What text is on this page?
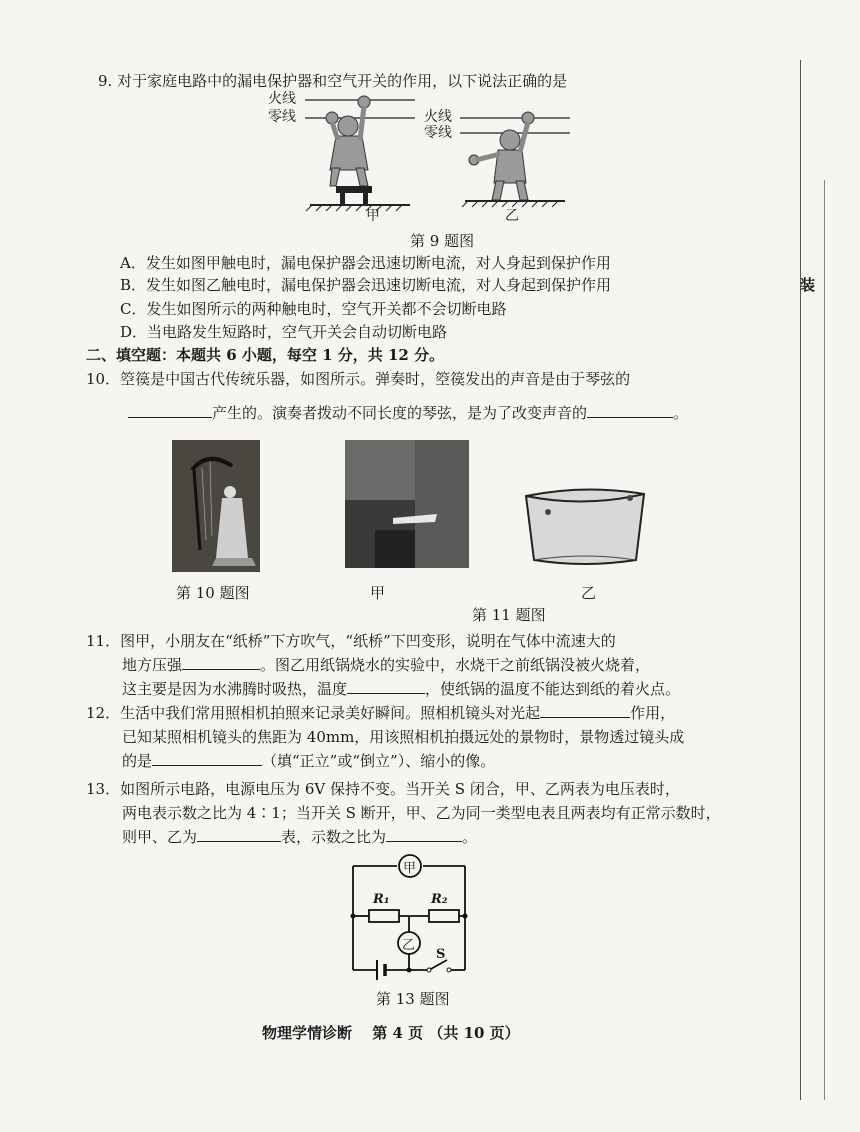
装
9. 对于家庭电路中的漏电保护器和空气开关的作用，以下说法正确的是
火线
零线	火线
零线
甲	乙
第 9 题图
A．发生如图甲触电时，漏电保护器会迅速切断电流，对人身起到保护作用
B．发生如图乙触电时，漏电保护器会迅速切断电流，对人身起到保护作用
C．发生如图所示的两种触电时，空气开关都不会切断电路
D．当电路发生短路时，空气开关会自动切断电路
二、填空题：本题共 6 小题，每空 1 分，共 12 分。
10．箜篌是中国古代传统乐器，如图所示。弹奏时，箜篌发出的声音是由于琴弦的
产生的。演奏者拨动不同长度的琴弦，是为了改变声音的	。
第 10 题图	甲	乙
第 11 题图
11．图甲，小朋友在“纸桥”下方吹气，“纸桥”下凹变形，说明在气体中流速大的
地方压强	。图乙用纸锅烧水的实验中，水烧干之前纸锅没被火烧着，
这主要是因为水沸腾时吸热，温度	，使纸锅的温度不能达到纸的着火点。
12．生活中我们常用照相机拍照来记录美好瞬间。照相机镜头对光起	作用，
已知某照相机镜头的焦距为 40mm，用该照相机拍摄远处的景物时，景物透过镜头成
的是	（填“正立”或“倒立”）、缩小的像。
13．如图所示电路，电源电压为 6V 保持不变。当开关 S 闭合，甲、乙两表为电压表时，
两电表示数之比为 4∶1；当开关 S 断开，甲、乙为同一类型电表且两表均有正常示数时，
则甲、乙为	表，示数之比为	。
甲
乙
R₁	R₂
S
第 13 题图
物理学情诊断　 第 4 页 （共 10 页）
